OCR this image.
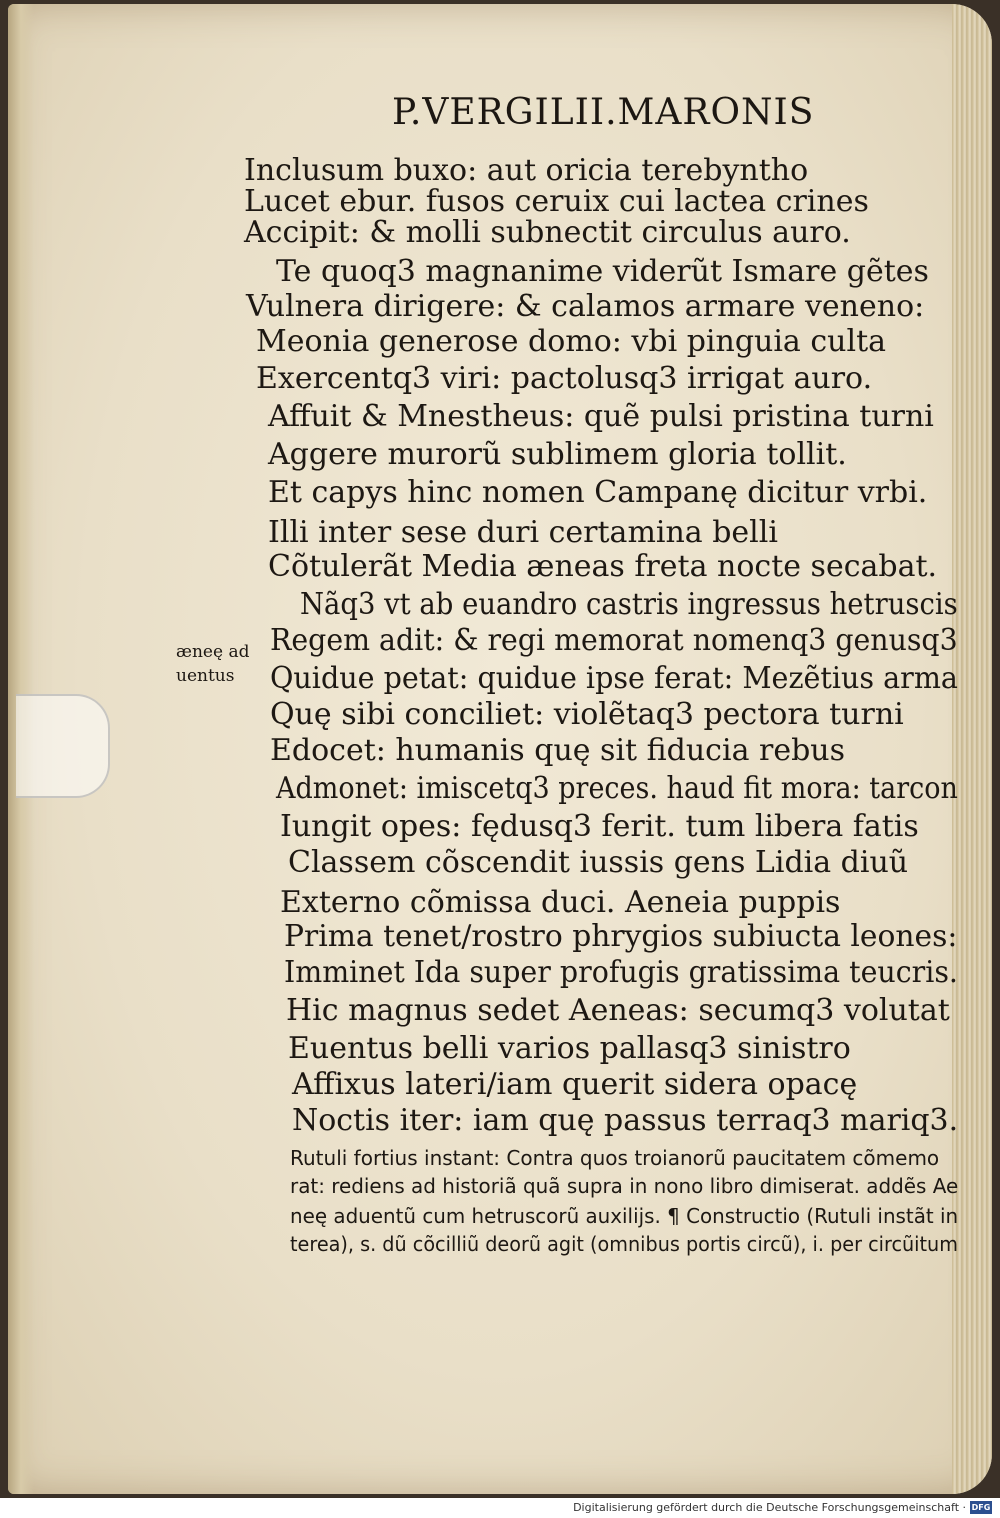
P.VERGILII.MARONIS
æneę ad
uentus
Inclusum buxo: aut oricia terebyntho
Lucet ebur. fusos ceruix cui lactea crines
Accipit: & molli subnectit circulus auro.
Te quoq3 magnanime viderũt Ismare gẽtes
Vulnera dirigere: & calamos armare veneno:
Meonia generose domo: vbi pinguia culta
Exercentq3 viri: pactolusq3 irrigat auro.
Affuit & Mnestheus: quẽ pulsi pristina turni
Aggere murorũ sublimem gloria tollit.
Et capys hinc nomen Campanę dicitur vrbi.
Illi inter sese duri certamina belli
Cõtulerãt Media æneas freta nocte secabat.
Nãq3 vt ab euandro castris ingressus hetruscis
Regem adit: & regi memorat nomenq3 genusq3
Quidue petat: quidue ipse ferat: Mezẽtius arma
Quę sibi conciliet: violẽtaq3 pectora turni
Edocet: humanis quę sit fiducia rebus
Admonet: imiscetq3 preces. haud fit mora: tarcon
Iungit opes: fędusq3 ferit. tum libera fatis
Classem cõscendit iussis gens Lidia diuũ
Externo cõmissa duci. Aeneia puppis
Prima tenet/rostro phrygios subiucta leones:
Imminet Ida super profugis gratissima teucris.
Hic magnus sedet Aeneas: secumq3 volutat
Euentus belli varios pallasq3 sinistro
Affixus lateri/iam querit sidera opacę
Noctis iter: iam quę passus terraq3 mariq3.
Rutuli fortius instant: Contra quos troianorũ paucitatem cõmemo
rat: rediens ad historiã quã supra in nono libro dimiserat. addẽs Ae
neę aduentũ cum hetruscorũ auxilijs. ¶ Constructio (Rutuli instãt in
terea), s. dũ cõcilliũ deorũ agit (omnibus portis circũ), i. per circũitum
Digitalisierung gefördert durch die Deutsche Forschungsgemeinschaft · DFG
